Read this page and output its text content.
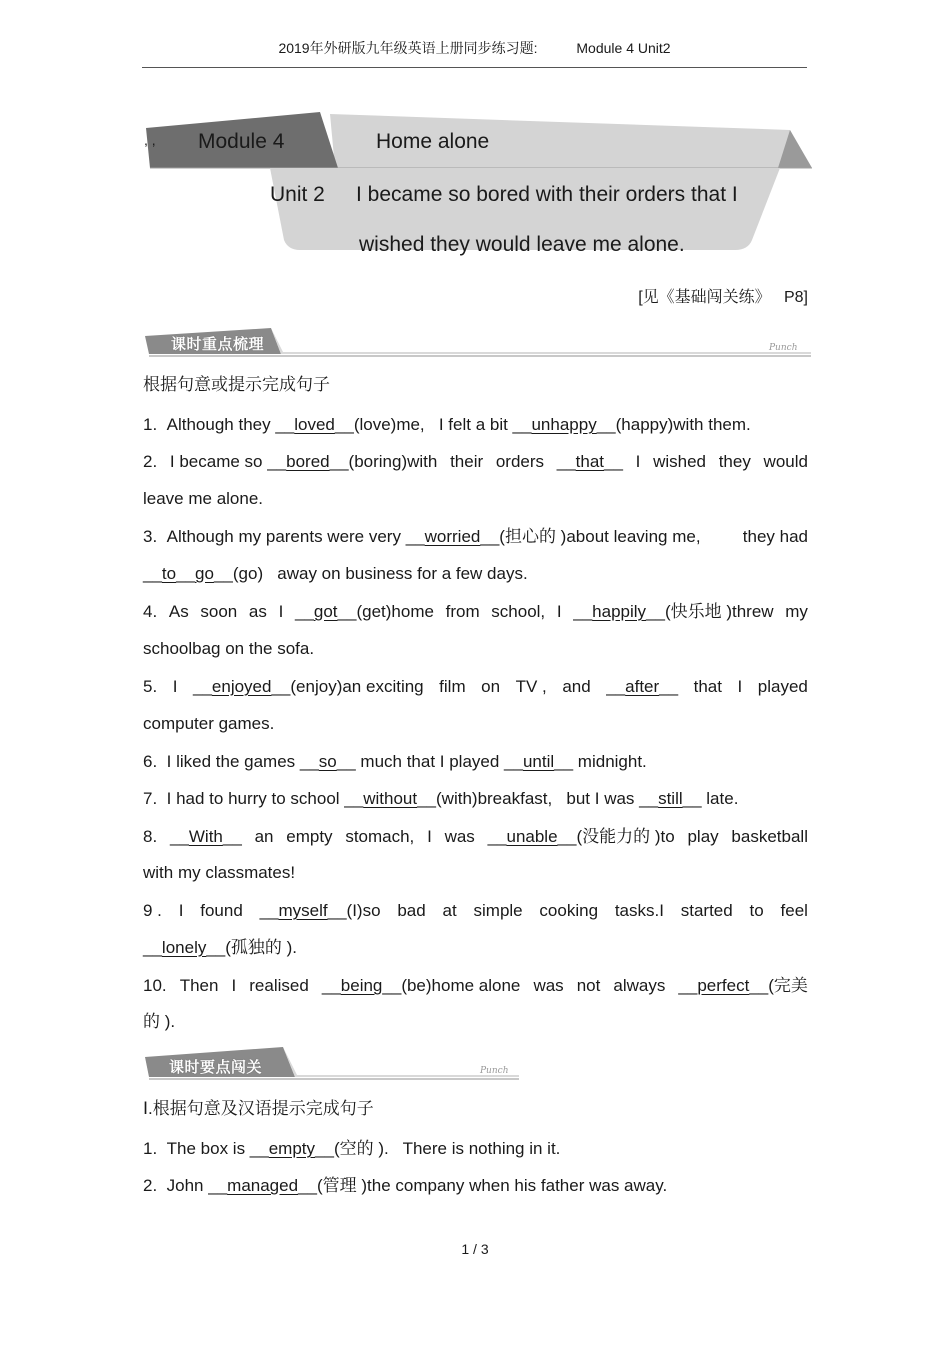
2019年外研版九年级英语上册同步练习题:	Module 4 Unit2
, , Module 4	Home alone
Unit 2 I became so bored with their orders that I
wished they would leave me alone.
[见《基础闯关练》   P8]
课时重点梳理	Punch
根据句意或提示完成句子
1. Although they __loved__(love)me, I felt a bit __unhappy__(happy)with them.
2. I became so __bored__(boring)with their orders __that__ I wished they would
leave me alone.
3. Although my parents were very __worried__(担心的 )about leaving me, they had
__to__go__(go)   away on business for a few days.
4. As soon as I __got__(get)home from school, I __happily__(快乐地 )threw my
schoolbag on the sofa.
5. I __enjoyed__(enjoy)an exciting film on TV , and __after__ that I played
computer games.
6. I liked the games __so__ much that I played __until__ midnight.
7. I had to hurry to school __without__(with)breakfast, but I was __still__ late.
8. __With__ an empty stomach, I was __unable__(没能力的 )to play basketball
with my classmates!
9 . I found __myself__(I)so bad at simple cooking tasks.I started to feel
__lonely__(孤独的 ).
10. Then I realised __being__(be)home alone was not always __perfect__(完美
的 ).
课时要点闯关	Punch
Ⅰ.根据句意及汉语提示完成句子
1. The box is __empty__(空的 ). There is nothing in it.
2. John __managed__(管理 )the company when his father was away.
1 / 3
